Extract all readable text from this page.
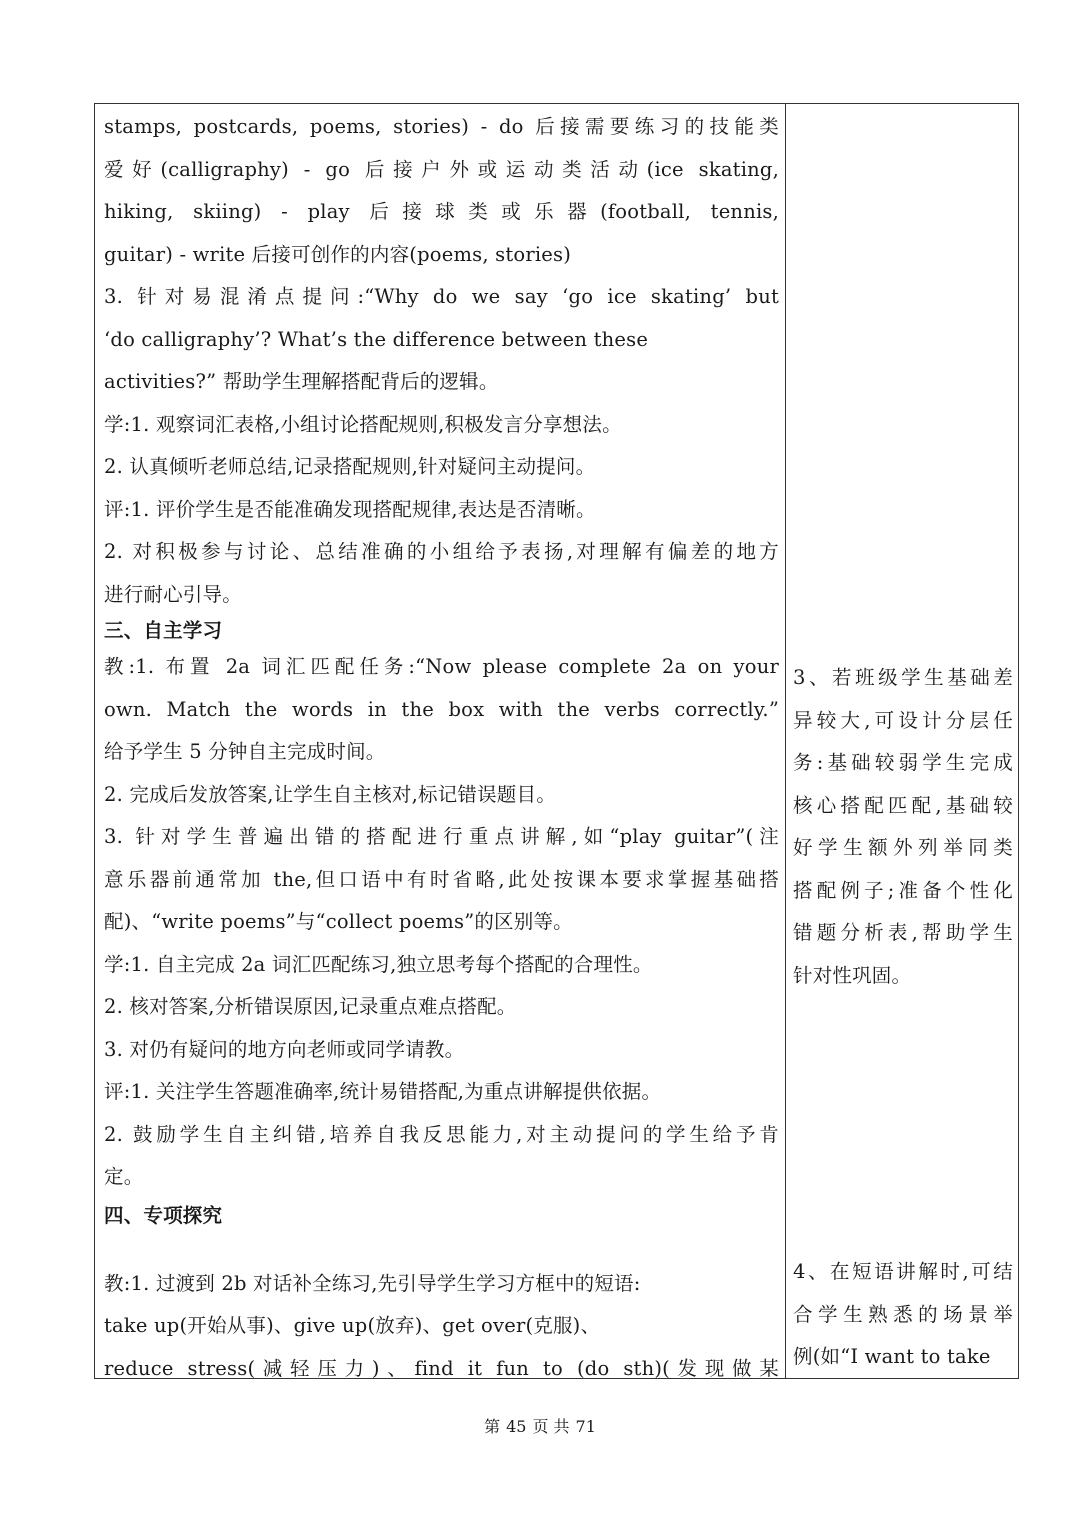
stamps, postcards, poems, stories) - do 后接需要练习的技能类
爱好(calligraphy) - go 后接户外或运动类活动(ice skating,
hiking, skiing) - play 后接球类或乐器(football, tennis,
guitar) - write 后接可创作的内容(poems, stories)
3. 针对易混淆点提问:“Why do we say ‘go ice skating’ but
‘do calligraphy’? What’s the difference between these
activities?” 帮助学生理解搭配背后的逻辑。
学:1. 观察词汇表格,小组讨论搭配规则,积极发言分享想法。
2. 认真倾听老师总结,记录搭配规则,针对疑问主动提问。
评:1. 评价学生是否能准确发现搭配规律,表达是否清晰。
2. 对积极参与讨论、总结准确的小组给予表扬,对理解有偏差的地方
进行耐心引导。
三、自主学习
教:1. 布置 2a 词汇匹配任务:“Now please complete 2a on your
own. Match the words in the box with the verbs correctly.”
给予学生 5 分钟自主完成时间。
2. 完成后发放答案,让学生自主核对,标记错误题目。
3. 针对学生普遍出错的搭配进行重点讲解,如“play guitar”(注
意乐器前通常加 the,但口语中有时省略,此处按课本要求掌握基础搭
配)、“write poems”与“collect poems”的区别等。
学:1. 自主完成 2a 词汇匹配练习,独立思考每个搭配的合理性。
2. 核对答案,分析错误原因,记录重点难点搭配。
3. 对仍有疑问的地方向老师或同学请教。
评:1. 关注学生答题准确率,统计易错搭配,为重点讲解提供依据。
2. 鼓励学生自主纠错,培养自我反思能力,对主动提问的学生给予肯
定。
四、专项探究
教:1. 过渡到 2b 对话补全练习,先引导学生学习方框中的短语:
take up(开始从事)、give up(放弃)、get over(克服)、
reduce stress(减轻压力)、find it fun to (do sth)(发现做某
3、若班级学生基础差
异较大,可设计分层任
务:基础较弱学生完成
核心搭配匹配,基础较
好学生额外列举同类
搭配例子;准备个性化
错题分析表,帮助学生
针对性巩固。
4、在短语讲解时,可结
合学生熟悉的场景举
例(如“I want to take
第 45 页 共 71
